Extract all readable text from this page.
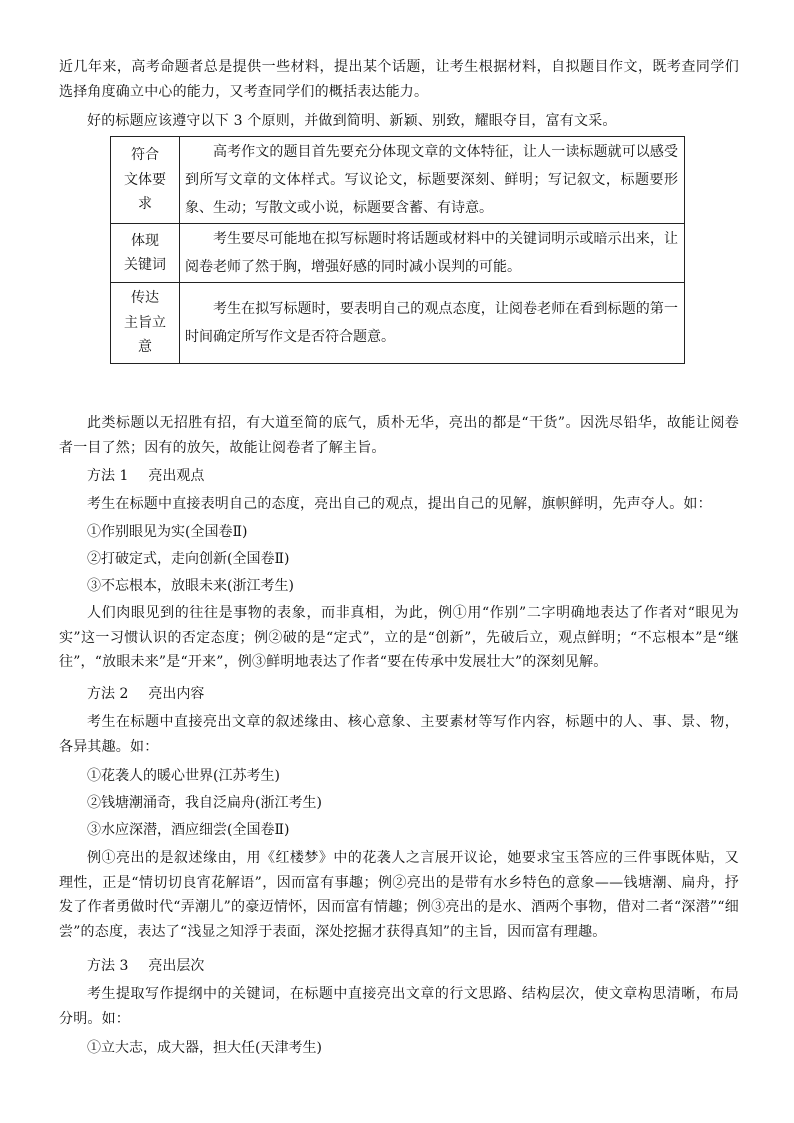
近几年来，高考命题者总是提供一些材料，提出某个话题，让考生根据材料，自拟题目作文，既考查同学们选择角度确立中心的能力，又考查同学们的概括表达能力。

好的标题应该遵守以下 3 个原则，并做到简明、新颖、别致，耀眼夺目，富有文采。

符合
文体要
求	高考作文的题目首先要充分体现文章的文体特征，让人一读标题就可以感受到所写文章的文体样式。写议论文，标题要深刻、鲜明；写记叙文，标题要形象、生动；写散文或小说，标题要含蓄、有诗意。

体现
关键词	考生要尽可能地在拟写标题时将话题或材料中的关键词明示或暗示出来，让阅卷老师了然于胸，增强好感的同时减小误判的可能。

传达
主旨立
意	考生在拟写标题时，要表明自己的观点态度，让阅卷老师在看到标题的第一时间确定所写作文是否符合题意。

此类标题以无招胜有招，有大道至简的底气，质朴无华，亮出的都是“干货”。因洗尽铅华，故能让阅卷者一目了然；因有的放矢，故能让阅卷者了解主旨。

方法 1 亮出观点

考生在标题中直接表明自己的态度，亮出自己的观点，提出自己的见解，旗帜鲜明，先声夺人。如：

①作别眼见为实(全国卷Ⅱ)

②打破定式，走向创新(全国卷Ⅱ)

③不忘根本，放眼未来(浙江考生)

人们肉眼见到的往往是事物的表象，而非真相，为此，例①用“作别”二字明确地表达了作者对“眼见为实”这一习惯认识的否定态度；例②破的是“定式”，立的是“创新”，先破后立，观点鲜明；“不忘根本”是“继往”，“放眼未来”是“开来”，例③鲜明地表达了作者“要在传承中发展壮大”的深刻见解。

方法 2 亮出内容

考生在标题中直接亮出文章的叙述缘由、核心意象、主要素材等写作内容，标题中的人、事、景、物，各异其趣。如：

①花袭人的暖心世界(江苏考生)

②钱塘潮涌奇，我自泛扁舟(浙江考生)

③水应深潜，酒应细尝(全国卷Ⅱ)

例①亮出的是叙述缘由，用《红楼梦》中的花袭人之言展开议论，她要求宝玉答应的三件事既体贴，又理性，正是“情切切良宵花解语”，因而富有事趣；例②亮出的是带有水乡特色的意象——钱塘潮、扁舟，抒发了作者勇做时代“弄潮儿”的豪迈情怀，因而富有情趣；例③亮出的是水、酒两个事物，借对二者“深潜”“细尝”的态度，表达了“浅显之知浮于表面，深处挖掘才获得真知”的主旨，因而富有理趣。

方法 3 亮出层次

考生提取写作提纲中的关键词，在标题中直接亮出文章的行文思路、结构层次，使文章构思清晰，布局分明。如：

①立大志，成大器，担大任(天津考生)
